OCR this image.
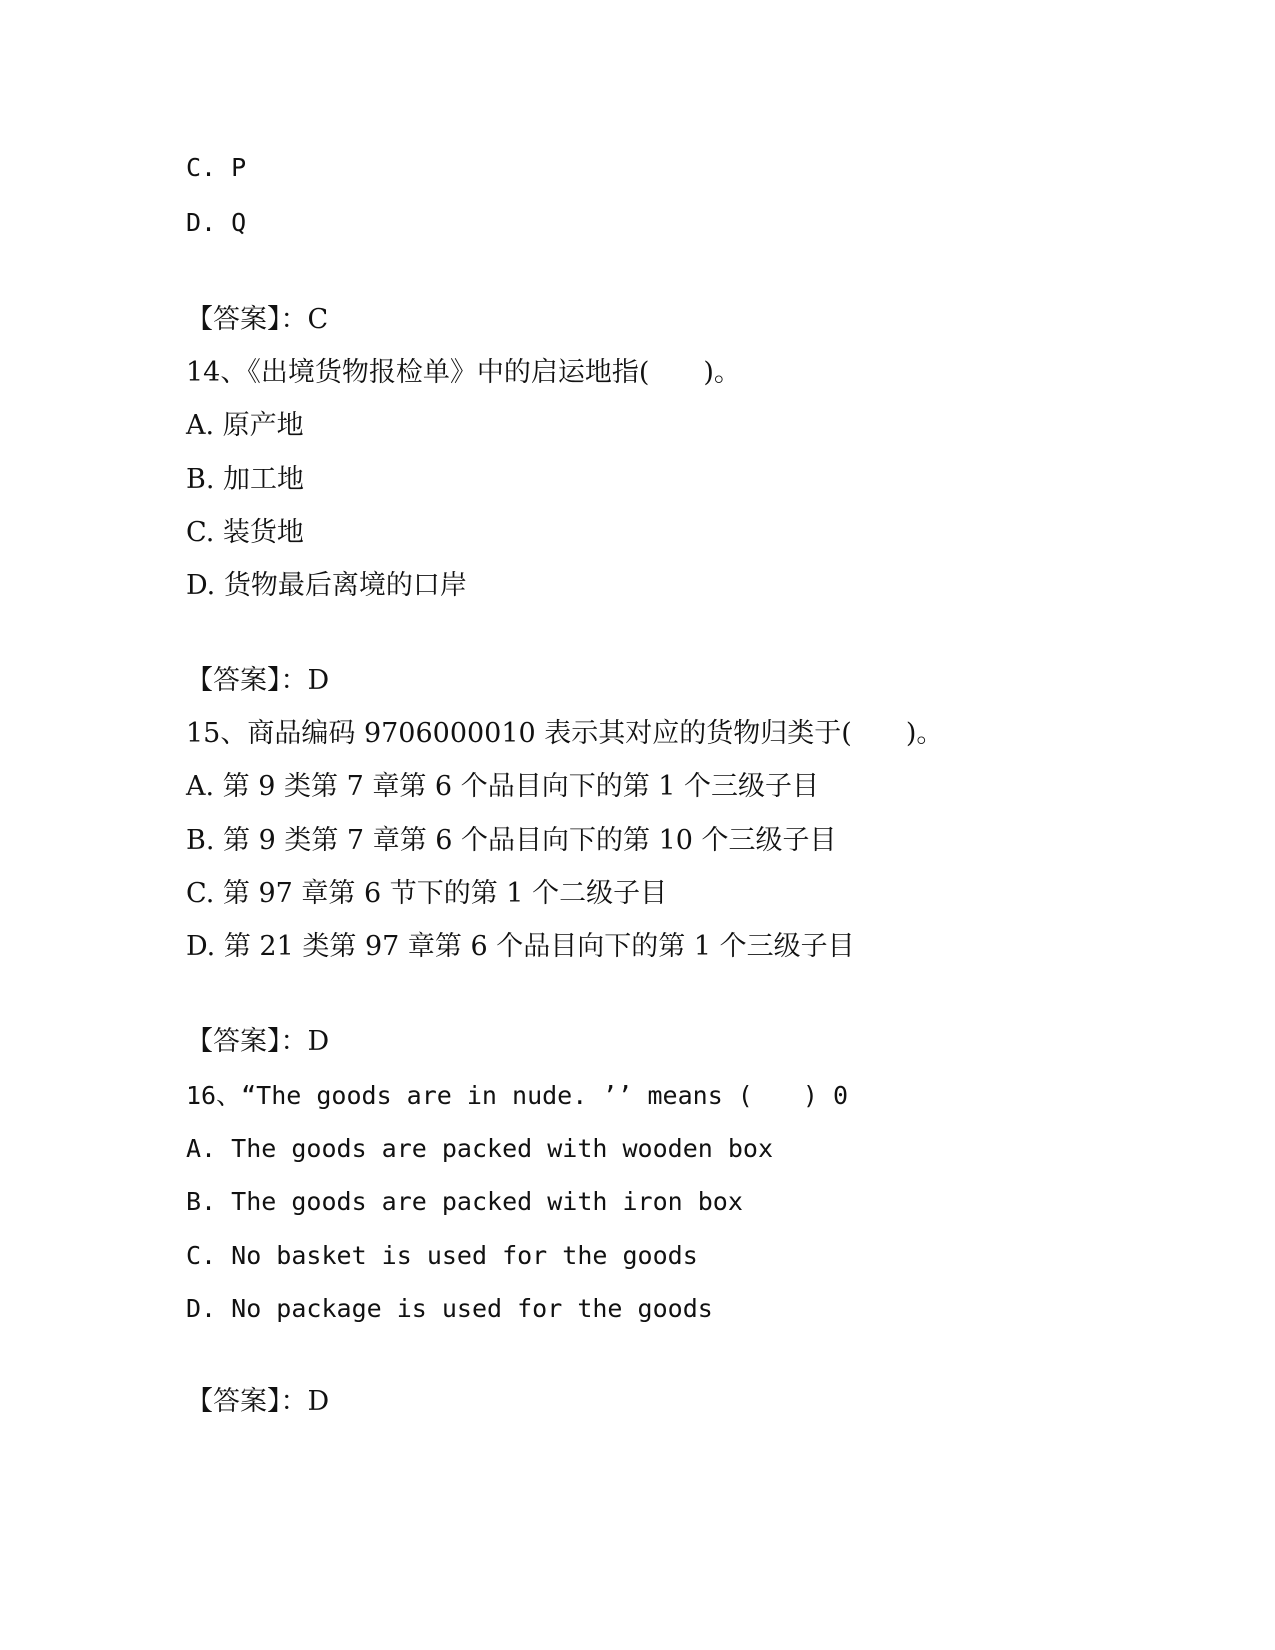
C. P
D. Q
【答案】：C
14、《出境货物报检单》中的启运地指(　　)。
A. 原产地
B. 加工地
C. 装货地
D. 货物最后离境的口岸
【答案】：D
15、商品编码 9706000010 表示其对应的货物归类于(　　)。
A. 第 9 类第 7 章第 6 个品目向下的第 1 个三级子目
B. 第 9 类第 7 章第 6 个品目向下的第 10 个三级子目
C. 第 97 章第 6 节下的第 1 个二级子目
D. 第 21 类第 97 章第 6 个品目向下的第 1 个三级子目
【答案】：D
16、“The goods are in nude. ’’ means (　　) 0
A. The goods are packed with wooden box
B. The goods are packed with iron box
C. No basket is used for the goods
D. No package is used for the goods
【答案】：D
